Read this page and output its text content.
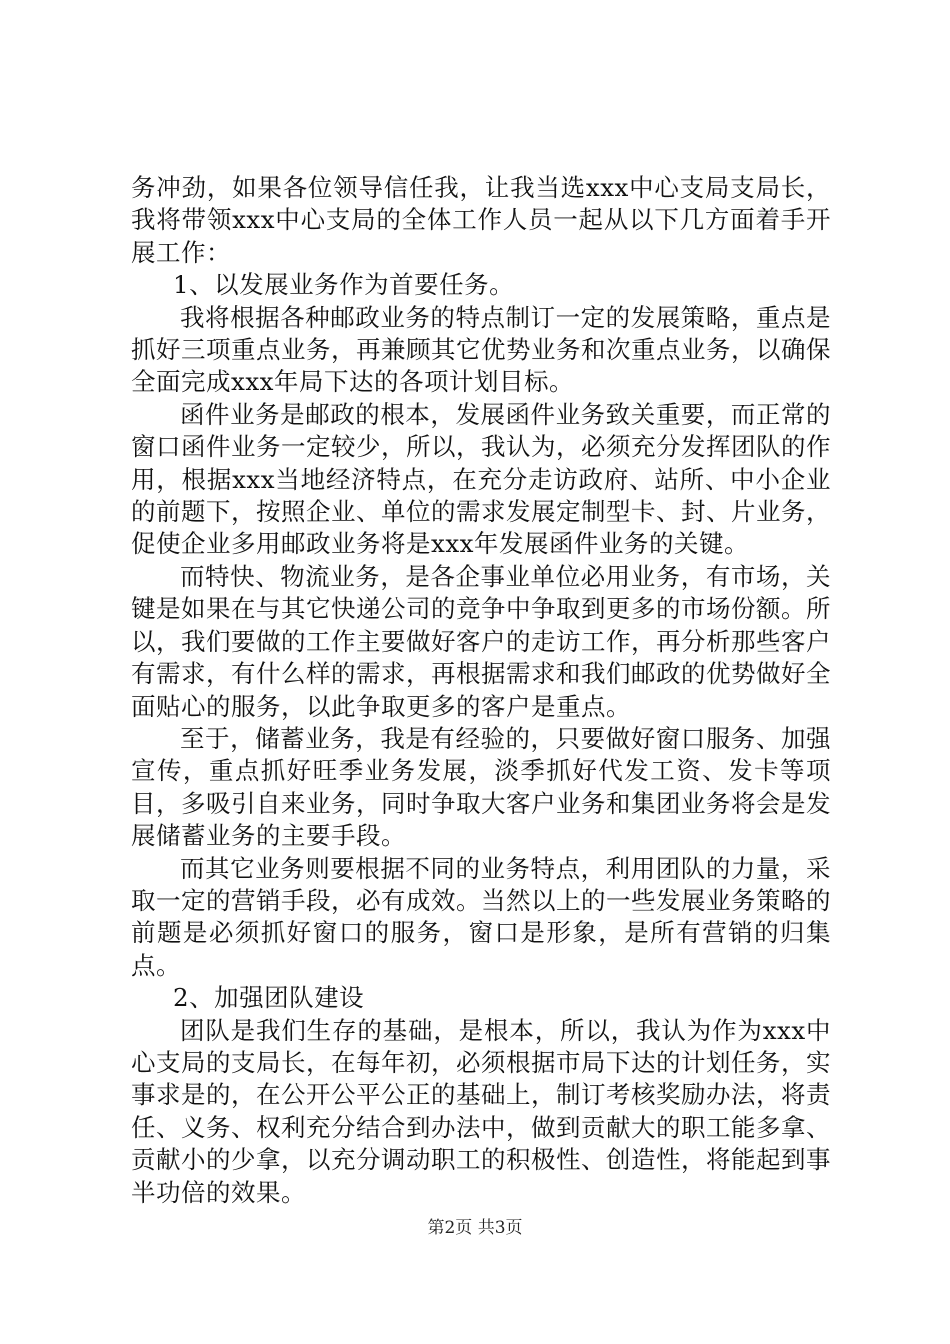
务冲劲，如果各位领导信任我，让我当选xxx中心支局支局长，我将带领xxx中心支局的全体工作人员一起从以下几方面着手开展工作：

1、以发展业务作为首要任务。

我将根据各种邮政业务的特点制订一定的发展策略，重点是抓好三项重点业务，再兼顾其它优势业务和次重点业务，以确保全面完成xxx年局下达的各项计划目标。

函件业务是邮政的根本，发展函件业务致关重要，而正常的窗口函件业务一定较少，所以，我认为，必须充分发挥团队的作用，根据xxx当地经济特点，在充分走访政府、站所、中小企业的前题下，按照企业、单位的需求发展定制型卡、封、片业务，促使企业多用邮政业务将是xxx年发展函件业务的关键。

而特快、物流业务，是各企事业单位必用业务，有市场，关键是如果在与其它快递公司的竞争中争取到更多的市场份额。所以，我们要做的工作主要做好客户的走访工作，再分析那些客户有需求，有什么样的需求，再根据需求和我们邮政的优势做好全面贴心的服务，以此争取更多的客户是重点。

至于，储蓄业务，我是有经验的，只要做好窗口服务、加强宣传，重点抓好旺季业务发展，淡季抓好代发工资、发卡等项目，多吸引自来业务，同时争取大客户业务和集团业务将会是发展储蓄业务的主要手段。

而其它业务则要根据不同的业务特点，利用团队的力量，采取一定的营销手段，必有成效。当然以上的一些发展业务策略的前题是必须抓好窗口的服务，窗口是形象，是所有营销的归集点。

2、加强团队建设

团队是我们生存的基础，是根本，所以，我认为作为xxx中心支局的支局长，在每年初，必须根据市局下达的计划任务，实事求是的，在公开公平公正的基础上，制订考核奖励办法，将责任、义务、权利充分结合到办法中，做到贡献大的职工能多拿、贡献小的少拿，以充分调动职工的积极性、创造性，将能起到事半功倍的效果。

第2页 共3页
